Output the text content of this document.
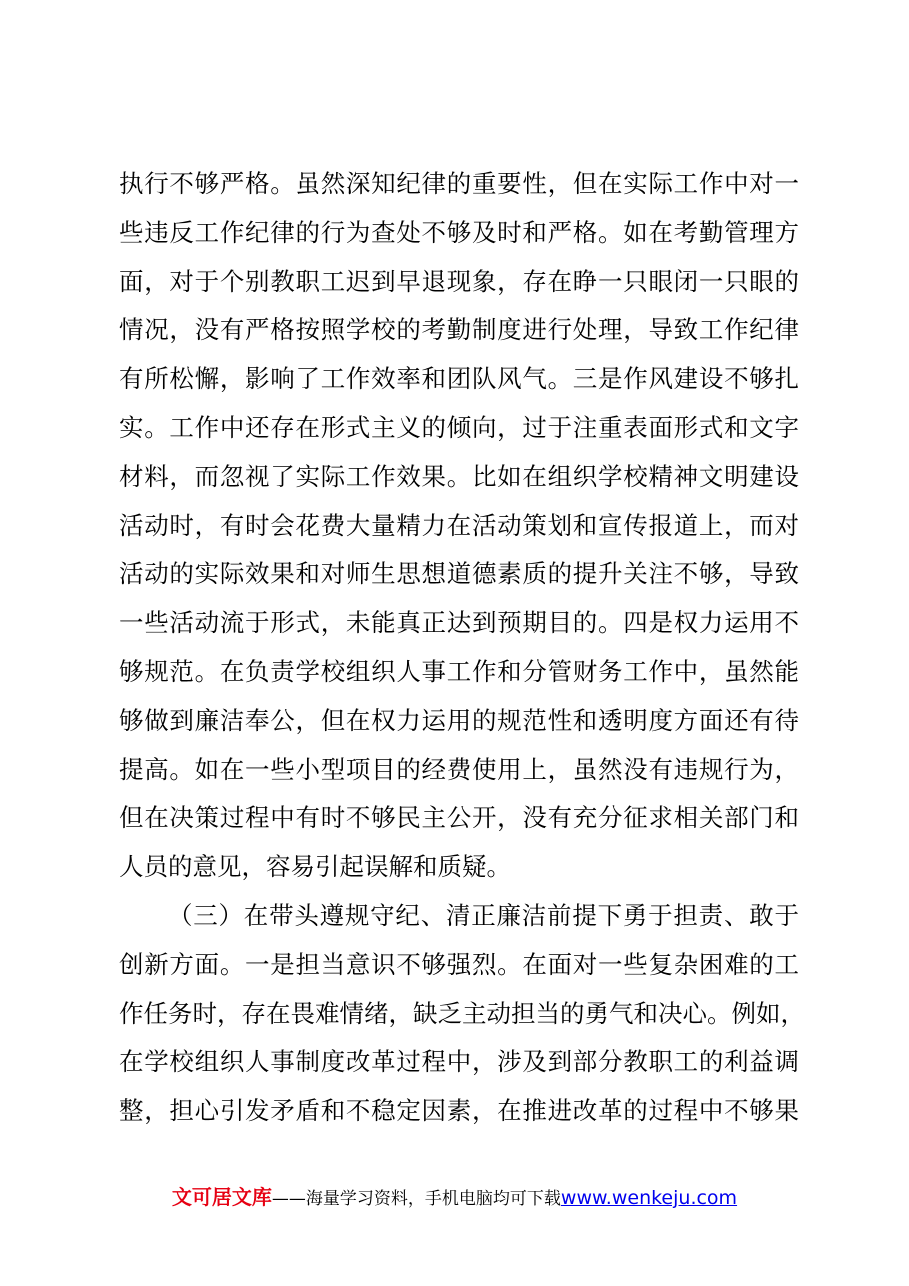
执行不够严格。虽然深知纪律的重要性，但在实际工作中对一
些违反工作纪律的行为查处不够及时和严格。如在考勤管理方
面，对于个别教职工迟到早退现象，存在睁一只眼闭一只眼的
情况，没有严格按照学校的考勤制度进行处理，导致工作纪律
有所松懈，影响了工作效率和团队风气。三是作风建设不够扎
实。工作中还存在形式主义的倾向，过于注重表面形式和文字
材料，而忽视了实际工作效果。比如在组织学校精神文明建设
活动时，有时会花费大量精力在活动策划和宣传报道上，而对
活动的实际效果和对师生思想道德素质的提升关注不够，导致
一些活动流于形式，未能真正达到预期目的。四是权力运用不
够规范。在负责学校组织人事工作和分管财务工作中，虽然能
够做到廉洁奉公，但在权力运用的规范性和透明度方面还有待
提高。如在一些小型项目的经费使用上，虽然没有违规行为，
但在决策过程中有时不够民主公开，没有充分征求相关部门和
人员的意见，容易引起误解和质疑。
（三）在带头遵规守纪、清正廉洁前提下勇于担责、敢于
创新方面。一是担当意识不够强烈。在面对一些复杂困难的工
作任务时，存在畏难情绪，缺乏主动担当的勇气和决心。例如，
在学校组织人事制度改革过程中，涉及到部分教职工的利益调
整，担心引发矛盾和不稳定因素，在推进改革的过程中不够果
文可居文库——海量学习资料，手机电脑均可下载www.wenkeju.com
